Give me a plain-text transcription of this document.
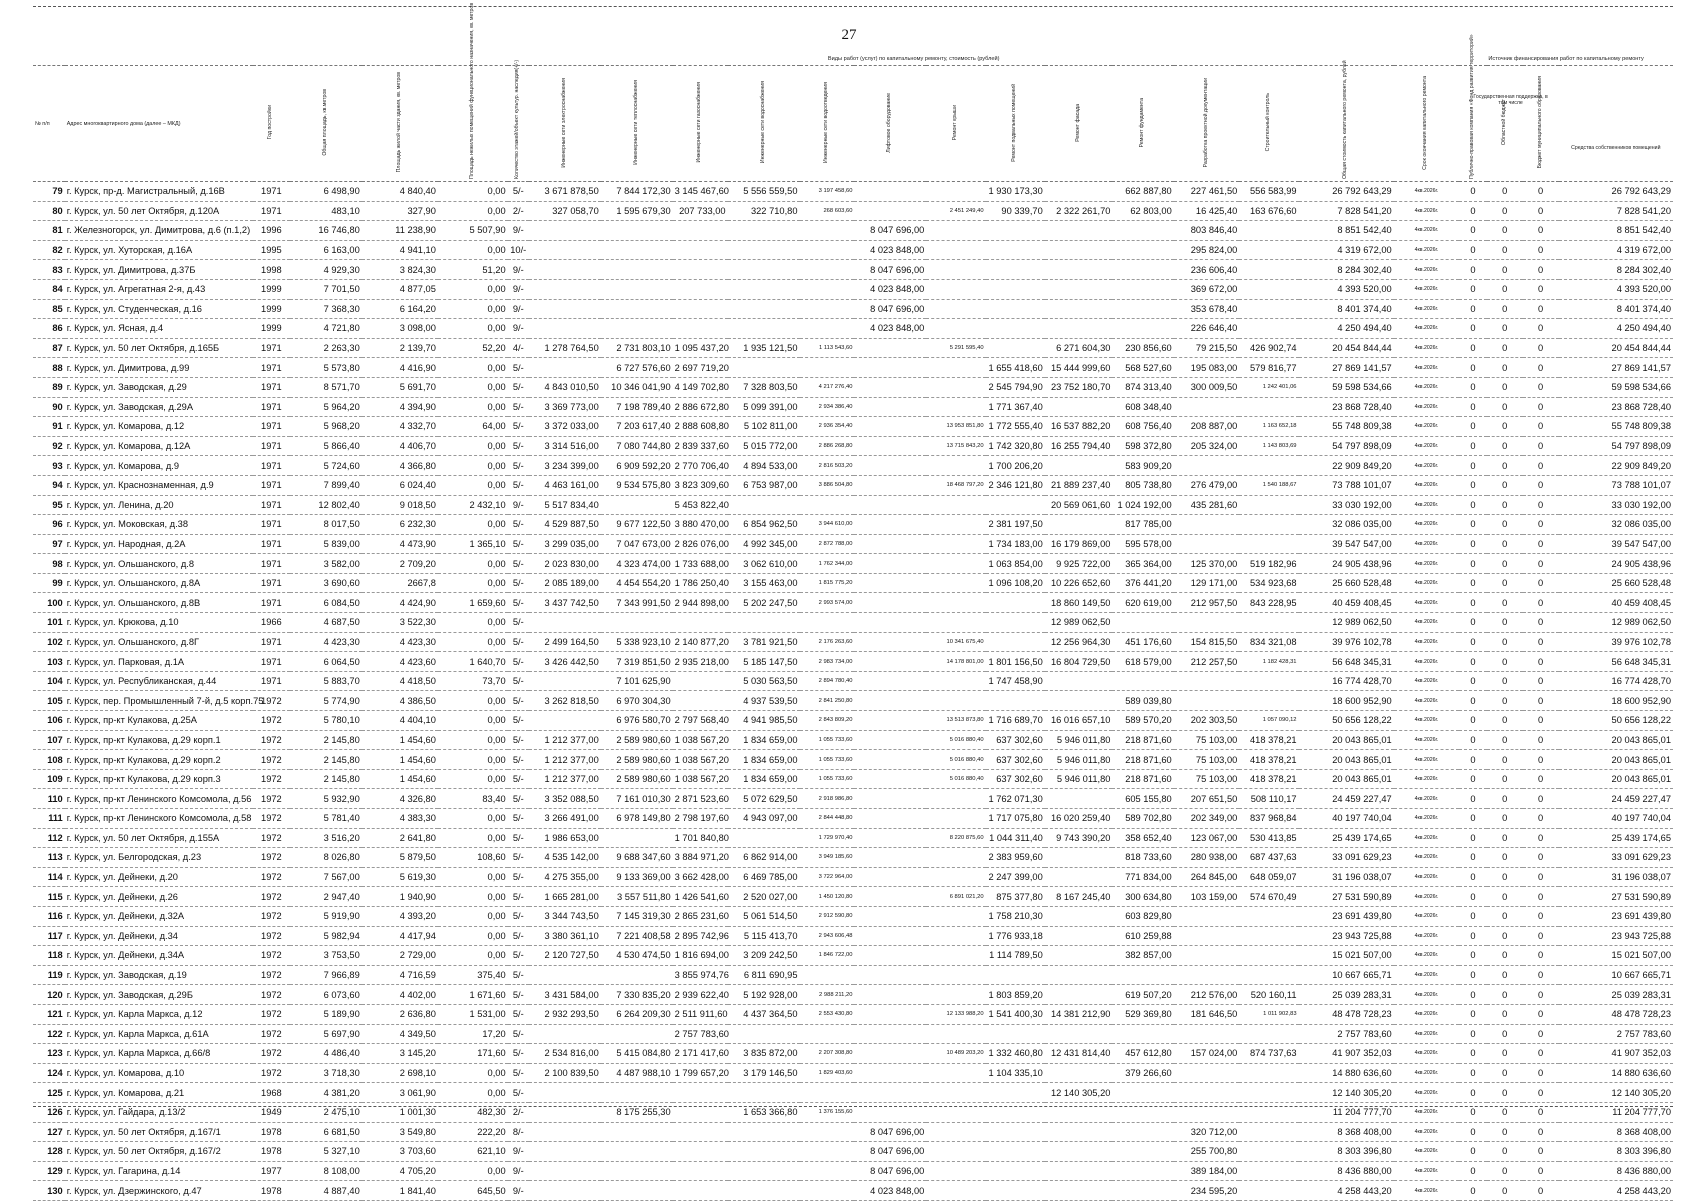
27
							Виды работ (услуг) по капитальному ремонту, стоимость (рублей)														Источник финансирования работ по капитальному ремонту			
№ п/п	Адрес многоквартирного дома (далее – МКД)	Год постройки	Общая площадь, кв.метров	Площадь жилой части здания, кв. метров	Площадь нежилых помещений функционального назначения, кв. метров	Количество этажей/объект культур. наследия(+/-)	Инженерные сети электроснабжения	Инженерные сети теплоснабжения	Инженерные сети газоснабжения	Инженерные сети водоснабжения	Инженерные сети водоотведения	Лифтовое оборудование	Ремонт крыши	Ремонт подвальных помещений	Ремонт фасада	Ремонт фундамента	Разработка проектной документации	Строительный контроль	Общая стоимость капитального ремонта, рублей	Срок окончания капитального ремонта	Публично-правовая компания «Фонд развития территорий»	Областной бюджет	Бюджет муниципального образования	Государственная поддержка, в том числе
Средства собственников помещений

79	г. Курск, пр-д. Магистральный, д.16В	1971	6 498,90	4 840,40	0,00	5/-	3 671 878,50	7 844 172,30	3 145 467,60	5 556 559,50	3 197 458,60			1 930 173,30		662 887,80	227 461,50	556 583,99	26 792 643,29	4кв.2026г.	0	0	0	26 792 643,29
80	г. Курск, ул. 50 лет Октября, д.120А	1971	483,10	327,90	0,00	2/-	327 058,70	1 595 679,30	207 733,00	322 710,80	268 603,60		2 451 249,40	90 339,70	2 322 261,70	62 803,00	16 425,40	163 676,60	7 828 541,20	4кв.2026г.	0	0	0	7 828 541,20
81	г. Железногорск, ул. Димитрова, д.6 (п.1,2)	1996	16 746,80	11 238,90	5 507,90	9/-						8 047 696,00					803 846,40		8 851 542,40	4кв.2026г.	0	0	0	8 851 542,40
82	г. Курск, ул. Хуторская, д.16А	1995	6 163,00	4 941,10	0,00	10/-						4 023 848,00					295 824,00		4 319 672,00	4кв.2026г.	0	0	0	4 319 672,00
83	г. Курск, ул. Димитрова, д.37Б	1998	4 929,30	3 824,30	51,20	9/-						8 047 696,00					236 606,40		8 284 302,40	4кв.2026г.	0	0	0	8 284 302,40
84	г. Курск, ул. Агрегатная 2-я, д.43	1999	7 701,50	4 877,05	0,00	9/-						4 023 848,00					369 672,00		4 393 520,00	4кв.2026г.	0	0	0	4 393 520,00
85	г. Курск, ул. Студенческая, д.16	1999	7 368,30	6 164,20	0,00	9/-						8 047 696,00					353 678,40		8 401 374,40	4кв.2026г.	0	0	0	8 401 374,40
86	г. Курск, ул. Ясная, д.4	1999	4 721,80	3 098,00	0,00	9/-						4 023 848,00					226 646,40		4 250 494,40	4кв.2026г.	0	0	0	4 250 494,40
87	г. Курск, ул. 50 лет Октября, д.165Б	1971	2 263,30	2 139,70	52,20	4/-	1 278 764,50	2 731 803,10	1 095 437,20	1 935 121,50	1 113 543,60		5 291 595,40		6 271 604,30	230 856,60	79 215,50	426 902,74	20 454 844,44	4кв.2026г.	0	0	0	20 454 844,44
88	г. Курск, ул. Димитрова, д.99	1971	5 573,80	4 416,90	0,00	5/-		6 727 576,60	2 697 719,20					1 655 418,60	15 444 999,60	568 527,60	195 083,00	579 816,77	27 869 141,57	4кв.2026г.	0	0	0	27 869 141,57
89	г. Курск, ул. Заводская, д.29	1971	8 571,70	5 691,70	0,00	5/-	4 843 010,50	10 346 041,90	4 149 702,80	7 328 803,50	4 217 276,40			2 545 794,90	23 752 180,70	874 313,40	300 009,50	1 242 401,06	59 598 534,66	4кв.2026г.	0	0	0	59 598 534,66
90	г. Курск, ул. Заводская, д.29А	1971	5 964,20	4 394,90	0,00	5/-	3 369 773,00	7 198 789,40	2 886 672,80	5 099 391,00	2 934 386,40			1 771 367,40		608 348,40			23 868 728,40	4кв.2026г.	0	0	0	23 868 728,40
91	г. Курск, ул. Комарова, д.12	1971	5 968,20	4 332,70	64,00	5/-	3 372 033,00	7 203 617,40	2 888 608,80	5 102 811,00	2 936 354,40		13 953 851,80	1 772 555,40	16 537 882,20	608 756,40	208 887,00	1 163 652,18	55 748 809,38	4кв.2026г.	0	0	0	55 748 809,38
92	г. Курск, ул. Комарова, д.12А	1971	5 866,40	4 406,70	0,00	5/-	3 314 516,00	7 080 744,80	2 839 337,60	5 015 772,00	2 886 268,80		13 715 843,20	1 742 320,80	16 255 794,40	598 372,80	205 324,00	1 143 803,69	54 797 898,09	4кв.2026г.	0	0	0	54 797 898,09
93	г. Курск, ул. Комарова, д.9	1971	5 724,60	4 366,80	0,00	5/-	3 234 399,00	6 909 592,20	2 770 706,40	4 894 533,00	2 816 503,20			1 700 206,20		583 909,20			22 909 849,20	4кв.2026г.	0	0	0	22 909 849,20
94	г. Курск, ул. Краснознаменная, д.9	1971	7 899,40	6 024,40	0,00	5/-	4 463 161,00	9 534 575,80	3 823 309,60	6 753 987,00	3 886 504,80		18 468 797,20	2 346 121,80	21 889 237,40	805 738,80	276 479,00	1 540 188,67	73 788 101,07	4кв.2026г.	0	0	0	73 788 101,07
95	г. Курск, ул. Ленина, д.20	1971	12 802,40	9 018,50	2 432,10	9/-	5 517 834,40		5 453 822,40						20 569 061,60	1 024 192,00	435 281,60		33 030 192,00	4кв.2026г.	0	0	0	33 030 192,00
96	г. Курск, ул. Моковская, д.38	1971	8 017,50	6 232,30	0,00	5/-	4 529 887,50	9 677 122,50	3 880 470,00	6 854 962,50	3 944 610,00			2 381 197,50		817 785,00			32 086 035,00	4кв.2026г.	0	0	0	32 086 035,00
97	г. Курск, ул. Народная, д.2А	1971	5 839,00	4 473,90	1 365,10	5/-	3 299 035,00	7 047 673,00	2 826 076,00	4 992 345,00	2 872 788,00			1 734 183,00	16 179 869,00	595 578,00			39 547 547,00	4кв.2026г.	0	0	0	39 547 547,00
98	г. Курск, ул. Ольшанского, д.8	1971	3 582,00	2 709,20	0,00	5/-	2 023 830,00	4 323 474,00	1 733 688,00	3 062 610,00	1 762 344,00			1 063 854,00	9 925 722,00	365 364,00	125 370,00	519 182,96	24 905 438,96	4кв.2026г.	0	0	0	24 905 438,96
99	г. Курск, ул. Ольшанского, д.8А	1971	3 690,60	2667,8	0,00	5/-	2 085 189,00	4 454 554,20	1 786 250,40	3 155 463,00	1 815 775,20			1 096 108,20	10 226 652,60	376 441,20	129 171,00	534 923,68	25 660 528,48	4кв.2026г.	0	0	0	25 660 528,48
100	г. Курск, ул. Ольшанского, д.8В	1971	6 084,50	4 424,90	1 659,60	5/-	3 437 742,50	7 343 991,50	2 944 898,00	5 202 247,50	2 993 574,00				18 860 149,50	620 619,00	212 957,50	843 228,95	40 459 408,45	4кв.2026г.	0	0	0	40 459 408,45
101	г. Курск, ул. Крюкова, д.10	1966	4 687,50	3 522,30	0,00	5/-									12 989 062,50				12 989 062,50	4кв.2026г.	0	0	0	12 989 062,50
102	г. Курск, ул. Ольшанского, д.8Г	1971	4 423,30	4 423,30	0,00	5/-	2 499 164,50	5 338 923,10	2 140 877,20	3 781 921,50	2 176 263,60		10 341 675,40		12 256 964,30	451 176,60	154 815,50	834 321,08	39 976 102,78	4кв.2026г.	0	0	0	39 976 102,78
103	г. Курск, ул. Парковая, д.1А	1971	6 064,50	4 423,60	1 640,70	5/-	3 426 442,50	7 319 851,50	2 935 218,00	5 185 147,50	2 983 734,00		14 178 801,00	1 801 156,50	16 804 729,50	618 579,00	212 257,50	1 182 428,31	56 648 345,31	4кв.2026г.	0	0	0	56 648 345,31
104	г. Курск, ул. Республиканская, д.44	1971	5 883,70	4 418,50	73,70	5/-		7 101 625,90		5 030 563,50	2 894 780,40			1 747 458,90					16 774 428,70	4кв.2026г.	0	0	0	16 774 428,70
105	г. Курск, пер. Промышленный 7-й, д.5 корп.75	1972	5 774,90	4 386,50	0,00	5/-	3 262 818,50	6 970 304,30		4 937 539,50	2 841 250,80					589 039,80			18 600 952,90	4кв.2026г.	0	0	0	18 600 952,90
106	г. Курск, пр-кт Кулакова, д.25А	1972	5 780,10	4 404,10	0,00	5/-		6 976 580,70	2 797 568,40	4 941 985,50	2 843 809,20		13 513 873,80	1 716 689,70	16 016 657,10	589 570,20	202 303,50	1 057 090,12	50 656 128,22	4кв.2026г.	0	0	0	50 656 128,22
107	г. Курск, пр-кт Кулакова, д.29 корп.1	1972	2 145,80	1 454,60	0,00	5/-	1 212 377,00	2 589 980,60	1 038 567,20	1 834 659,00	1 055 733,60		5 016 880,40	637 302,60	5 946 011,80	218 871,60	75 103,00	418 378,21	20 043 865,01	4кв.2026г.	0	0	0	20 043 865,01
108	г. Курск, пр-кт Кулакова, д.29 корп.2	1972	2 145,80	1 454,60	0,00	5/-	1 212 377,00	2 589 980,60	1 038 567,20	1 834 659,00	1 055 733,60		5 016 880,40	637 302,60	5 946 011,80	218 871,60	75 103,00	418 378,21	20 043 865,01	4кв.2026г.	0	0	0	20 043 865,01
109	г. Курск, пр-кт Кулакова, д.29 корп.3	1972	2 145,80	1 454,60	0,00	5/-	1 212 377,00	2 589 980,60	1 038 567,20	1 834 659,00	1 055 733,60		5 016 880,40	637 302,60	5 946 011,80	218 871,60	75 103,00	418 378,21	20 043 865,01	4кв.2026г.	0	0	0	20 043 865,01
110	г. Курск, пр-кт Ленинского Комсомола, д.56	1972	5 932,90	4 326,80	83,40	5/-	3 352 088,50	7 161 010,30	2 871 523,60	5 072 629,50	2 918 986,80			1 762 071,30		605 155,80	207 651,50	508 110,17	24 459 227,47	4кв.2026г.	0	0	0	24 459 227,47
111	г. Курск, пр-кт Ленинского Комсомола, д.58	1972	5 781,40	4 383,30	0,00	5/-	3 266 491,00	6 978 149,80	2 798 197,60	4 943 097,00	2 844 448,80			1 717 075,80	16 020 259,40	589 702,80	202 349,00	837 968,84	40 197 740,04	4кв.2026г.	0	0	0	40 197 740,04
112	г. Курск, ул. 50 лет Октября, д.155А	1972	3 516,20	2 641,80	0,00	5/-	1 986 653,00		1 701 840,80		1 729 970,40		8 220 875,60	1 044 311,40	9 743 390,20	358 652,40	123 067,00	530 413,85	25 439 174,65	4кв.2026г.	0	0	0	25 439 174,65
113	г. Курск, ул. Белгородская, д.23	1972	8 026,80	5 879,50	108,60	5/-	4 535 142,00	9 688 347,60	3 884 971,20	6 862 914,00	3 949 185,60			2 383 959,60		818 733,60	280 938,00	687 437,63	33 091 629,23	4кв.2026г.	0	0	0	33 091 629,23
114	г. Курск, ул. Дейнеки, д.20	1972	7 567,00	5 619,30	0,00	5/-	4 275 355,00	9 133 369,00	3 662 428,00	6 469 785,00	3 722 964,00			2 247 399,00		771 834,00	264 845,00	648 059,07	31 196 038,07	4кв.2026г.	0	0	0	31 196 038,07
115	г. Курск, ул. Дейнеки, д.26	1972	2 947,40	1 940,90	0,00	5/-	1 665 281,00	3 557 511,80	1 426 541,60	2 520 027,00	1 450 120,80		6 891 021,20	875 377,80	8 167 245,40	300 634,80	103 159,00	574 670,49	27 531 590,89	4кв.2026г.	0	0	0	27 531 590,89
116	г. Курск, ул. Дейнеки, д.32А	1972	5 919,90	4 393,20	0,00	5/-	3 344 743,50	7 145 319,30	2 865 231,60	5 061 514,50	2 912 590,80			1 758 210,30		603 829,80			23 691 439,80	4кв.2026г.	0	0	0	23 691 439,80
117	г. Курск, ул. Дейнеки, д.34	1972	5 982,94	4 417,94	0,00	5/-	3 380 361,10	7 221 408,58	2 895 742,96	5 115 413,70	2 943 606,48			1 776 933,18		610 259,88			23 943 725,88	4кв.2026г.	0	0	0	23 943 725,88
118	г. Курск, ул. Дейнеки, д.34А	1972	3 753,50	2 729,00	0,00	5/-	2 120 727,50	4 530 474,50	1 816 694,00	3 209 242,50	1 846 722,00			1 114 789,50		382 857,00			15 021 507,00	4кв.2026г.	0	0	0	15 021 507,00
119	г. Курск, ул. Заводская, д.19	1972	7 966,89	4 716,59	375,40	5/-			3 855 974,76	6 811 690,95									10 667 665,71	4кв.2026г.	0	0	0	10 667 665,71
120	г. Курск, ул. Заводская, д.29Б	1972	6 073,60	4 402,00	1 671,60	5/-	3 431 584,00	7 330 835,20	2 939 622,40	5 192 928,00	2 988 211,20			1 803 859,20		619 507,20	212 576,00	520 160,11	25 039 283,31	4кв.2026г.	0	0	0	25 039 283,31
121	г. Курск, ул. Карла Маркса, д.12	1972	5 189,90	2 636,80	1 531,00	5/-	2 932 293,50	6 264 209,30	2 511 911,60	4 437 364,50	2 553 430,80		12 133 988,20	1 541 400,30	14 381 212,90	529 369,80	181 646,50	1 011 902,83	48 478 728,23	4кв.2026г.	0	0	0	48 478 728,23
122	г. Курск, ул. Карла Маркса, д.61А	1972	5 697,90	4 349,50	17,20	5/-			2 757 783,60										2 757 783,60	4кв.2026г.	0	0	0	2 757 783,60
123	г. Курск, ул. Карла Маркса, д.66/8	1972	4 486,40	3 145,20	171,60	5/-	2 534 816,00	5 415 084,80	2 171 417,60	3 835 872,00	2 207 308,80		10 489 203,20	1 332 460,80	12 431 814,40	457 612,80	157 024,00	874 737,63	41 907 352,03	4кв.2026г.	0	0	0	41 907 352,03
124	г. Курск, ул. Комарова, д.10	1972	3 718,30	2 698,10	0,00	5/-	2 100 839,50	4 487 988,10	1 799 657,20	3 179 146,50	1 829 403,60			1 104 335,10		379 266,60			14 880 636,60	4кв.2026г.	0	0	0	14 880 636,60
125	г. Курск, ул. Комарова, д.21	1968	4 381,20	3 061,90	0,00	5/-									12 140 305,20				12 140 305,20	4кв.2026г.	0	0	0	12 140 305,20
126	г. Курск, ул. Гайдара, д.13/2	1949	2 475,10	1 001,30	482,30	2/-		8 175 255,30		1 653 366,80	1 376 155,60								11 204 777,70	4кв.2026г.	0	0	0	11 204 777,70
127	г. Курск, ул. 50 лет Октября, д.167/1	1978	6 681,50	3 549,80	222,20	8/-						8 047 696,00					320 712,00		8 368 408,00	4кв.2026г.	0	0	0	8 368 408,00
128	г. Курск, ул. 50 лет Октября, д.167/2	1978	5 327,10	3 703,60	621,10	9/-						8 047 696,00					255 700,80		8 303 396,80	4кв.2026г.	0	0	0	8 303 396,80
129	г. Курск, ул. Гагарина, д.14	1977	8 108,00	4 705,20	0,00	9/-						8 047 696,00					389 184,00		8 436 880,00	4кв.2026г.	0	0	0	8 436 880,00
130	г. Курск, ул. Дзержинского, д.47	1978	4 887,40	1 841,40	645,50	9/-						4 023 848,00					234 595,20		4 258 443,20	4кв.2026г.	0	0	0	4 258 443,20
